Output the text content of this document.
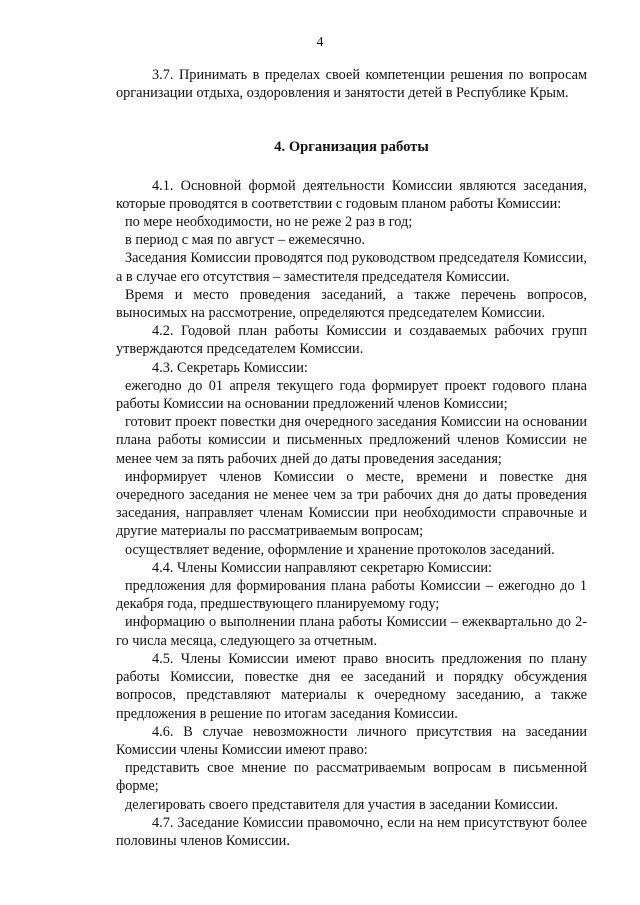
4

3.7. Принимать в пределах своей компетенции решения по вопросам организации отдыха, оздоровления и занятости детей в Республике Крым.

4. Организация работы

4.1. Основной формой деятельности Комиссии являются заседания, которые проводятся в соответствии с годовым планом работы Комиссии:

по мере необходимости, но не реже 2 раз в год;

в период с мая по август – ежемесячно.

Заседания Комиссии проводятся под руководством председателя Комиссии, а в случае его отсутствия – заместителя председателя Комиссии.

Время и место проведения заседаний, а также перечень вопросов, выносимых на рассмотрение, определяются председателем Комиссии.

4.2. Годовой план работы Комиссии и создаваемых рабочих групп утверждаются председателем Комиссии.

4.3. Секретарь Комиссии:

ежегодно до 01 апреля текущего года формирует проект годового плана работы Комиссии на основании предложений членов Комиссии;

готовит проект повестки дня очередного заседания Комиссии на основании плана работы комиссии и письменных предложений членов Комиссии не менее чем за пять рабочих дней до даты проведения заседания;

информирует членов Комиссии о месте, времени и повестке дня очередного заседания не менее чем за три рабочих дня до даты проведения заседания, направляет членам Комиссии при необходимости справочные и другие материалы по рассматриваемым вопросам;

осуществляет ведение, оформление и хранение протоколов заседаний.

4.4. Члены Комиссии направляют секретарю Комиссии:

предложения для формирования плана работы Комиссии – ежегодно до 1 декабря года, предшествующего планируемому году;

информацию о выполнении плана работы Комиссии – ежеквартально до 2-го числа месяца, следующего за отчетным.

4.5. Члены Комиссии имеют право вносить предложения по плану работы Комиссии, повестке дня ее заседаний и порядку обсуждения вопросов, представляют материалы к очередному заседанию, а также предложения в решение по итогам заседания Комиссии.

4.6. В случае невозможности личного присутствия на заседании Комиссии члены Комиссии имеют право:

представить свое мнение по рассматриваемым вопросам в письменной форме;

делегировать своего представителя для участия в заседании Комиссии.

4.7. Заседание Комиссии правомочно, если на нем присутствуют более половины членов Комиссии.
